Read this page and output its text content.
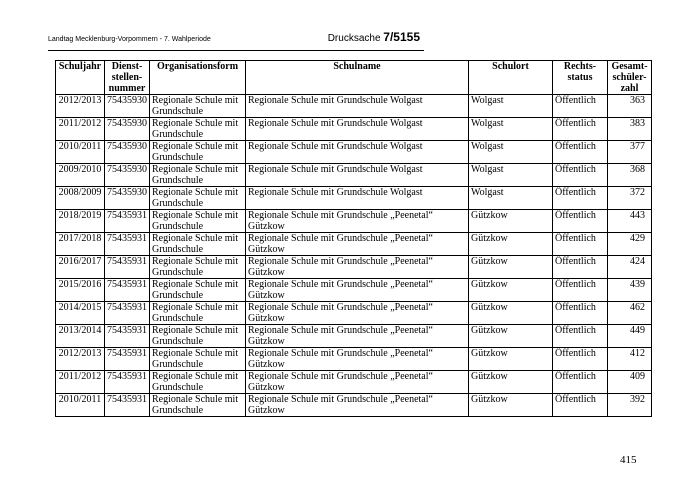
Landtag Mecklenburg-Vorpommern - 7. Wahlperiode	Drucksache 7/5155
Schuljahr	Dienst-stellen-nummer	Organisationsform	Schulname	Schulort	Rechts-status	Gesamt-schüler-zahl
2012/2013	75435930	Regionale Schule mit Grundschule	Regionale Schule mit Grundschule Wolgast	Wolgast	Öffentlich	363
2011/2012	75435930	Regionale Schule mit Grundschule	Regionale Schule mit Grundschule Wolgast	Wolgast	Öffentlich	383
2010/2011	75435930	Regionale Schule mit Grundschule	Regionale Schule mit Grundschule Wolgast	Wolgast	Öffentlich	377
2009/2010	75435930	Regionale Schule mit Grundschule	Regionale Schule mit Grundschule Wolgast	Wolgast	Öffentlich	368
2008/2009	75435930	Regionale Schule mit Grundschule	Regionale Schule mit Grundschule Wolgast	Wolgast	Öffentlich	372
2018/2019	75435931	Regionale Schule mit Grundschule	Regionale Schule mit Grundschule „Peenetal“ Gützkow	Gützkow	Öffentlich	443
2017/2018	75435931	Regionale Schule mit Grundschule	Regionale Schule mit Grundschule „Peenetal“ Gützkow	Gützkow	Öffentlich	429
2016/2017	75435931	Regionale Schule mit Grundschule	Regionale Schule mit Grundschule „Peenetal“ Gützkow	Gützkow	Öffentlich	424
2015/2016	75435931	Regionale Schule mit Grundschule	Regionale Schule mit Grundschule „Peenetal“ Gützkow	Gützkow	Öffentlich	439
2014/2015	75435931	Regionale Schule mit Grundschule	Regionale Schule mit Grundschule „Peenetal“ Gützkow	Gützkow	Öffentlich	462
2013/2014	75435931	Regionale Schule mit Grundschule	Regionale Schule mit Grundschule „Peenetal“ Gützkow	Gützkow	Öffentlich	449
2012/2013	75435931	Regionale Schule mit Grundschule	Regionale Schule mit Grundschule „Peenetal“ Gützkow	Gützkow	Öffentlich	412
2011/2012	75435931	Regionale Schule mit Grundschule	Regionale Schule mit Grundschule „Peenetal“ Gützkow	Gützkow	Öffentlich	409
2010/2011	75435931	Regionale Schule mit Grundschule	Regionale Schule mit Grundschule „Peenetal“ Gützkow	Gützkow	Öffentlich	392
415
